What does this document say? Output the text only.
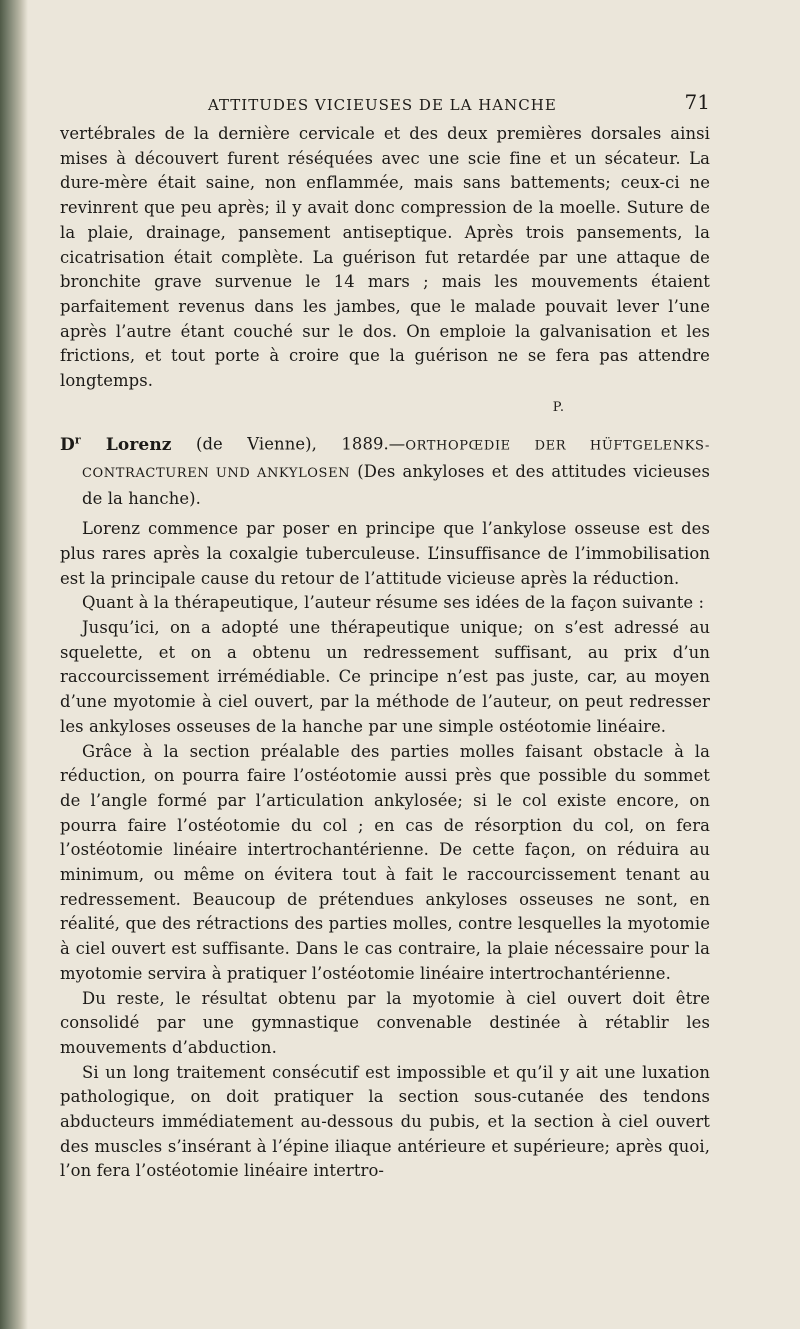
ATTITUDES VICIEUSES DE LA HANCHE	71

vertébrales de la dernière cervicale et des deux premières dorsales ainsi mises à découvert furent réséquées avec une scie fine et un sécateur. La dure-mère était saine, non enflammée, mais sans battements; ceux-ci ne revinrent que peu après; il y avait donc compression de la moelle. Suture de la plaie, drainage, pansement antiseptique. Après trois pansements, la cicatrisation était complète. La guérison fut retardée par une attaque de bronchite grave survenue le 14 mars ; mais les mouvements étaient parfaitement revenus dans les jambes, que le malade pouvait lever l’une après l’autre étant couché sur le dos. On emploie la galvanisation et les frictions, et tout porte à croire que la guérison ne se fera pas attendre longtemps.

P.

$D^r$ Lorenz (de Vienne), 1889.—ORTHOPŒDIE DER HÜFTGELENKS-CONTRACTUREN UND ANKYLOSEN (Des ankyloses et des attitudes vicieuses de la hanche).

Lorenz commence par poser en principe que l’ankylose osseuse est des plus rares après la coxalgie tuberculeuse. L’insuffisance de l’immobilisation est la principale cause du retour de l’attitude vicieuse après la réduction.

Quant à la thérapeutique, l’auteur résume ses idées de la façon suivante :

Jusqu’ici, on a adopté une thérapeutique unique; on s’est adressé au squelette, et on a obtenu un redressement suffisant, au prix d’un raccourcissement irrémédiable. Ce principe n’est pas juste, car, au moyen d’une myotomie à ciel ouvert, par la méthode de l’auteur, on peut redresser les ankyloses osseuses de la hanche par une simple ostéotomie linéaire.

Grâce à la section préalable des parties molles faisant obstacle à la réduction, on pourra faire l’ostéotomie aussi près que possible du sommet de l’angle formé par l’articulation ankylosée; si le col existe encore, on pourra faire l’ostéotomie du col ; en cas de résorption du col, on fera l’ostéotomie linéaire intertrochantérienne. De cette façon, on réduira au minimum, ou même on évitera tout à fait le raccourcissement tenant au redressement. Beaucoup de prétendues ankyloses osseuses ne sont, en réalité, que des rétractions des parties molles, contre lesquelles la myotomie à ciel ouvert est suffisante. Dans le cas contraire, la plaie nécessaire pour la myotomie servira à pratiquer l’ostéotomie linéaire intertrochantérienne.

Du reste, le résultat obtenu par la myotomie à ciel ouvert doit être consolidé par une gymnastique convenable destinée à rétablir les mouvements d’abduction.

Si un long traitement consécutif est impossible et qu’il y ait une luxation pathologique, on doit pratiquer la section sous-cutanée des tendons abducteurs immédiatement au-dessous du pubis, et la section à ciel ouvert des muscles s’insérant à l’épine iliaque antérieure et supérieure; après quoi, l’on fera l’ostéotomie linéaire intertro-
